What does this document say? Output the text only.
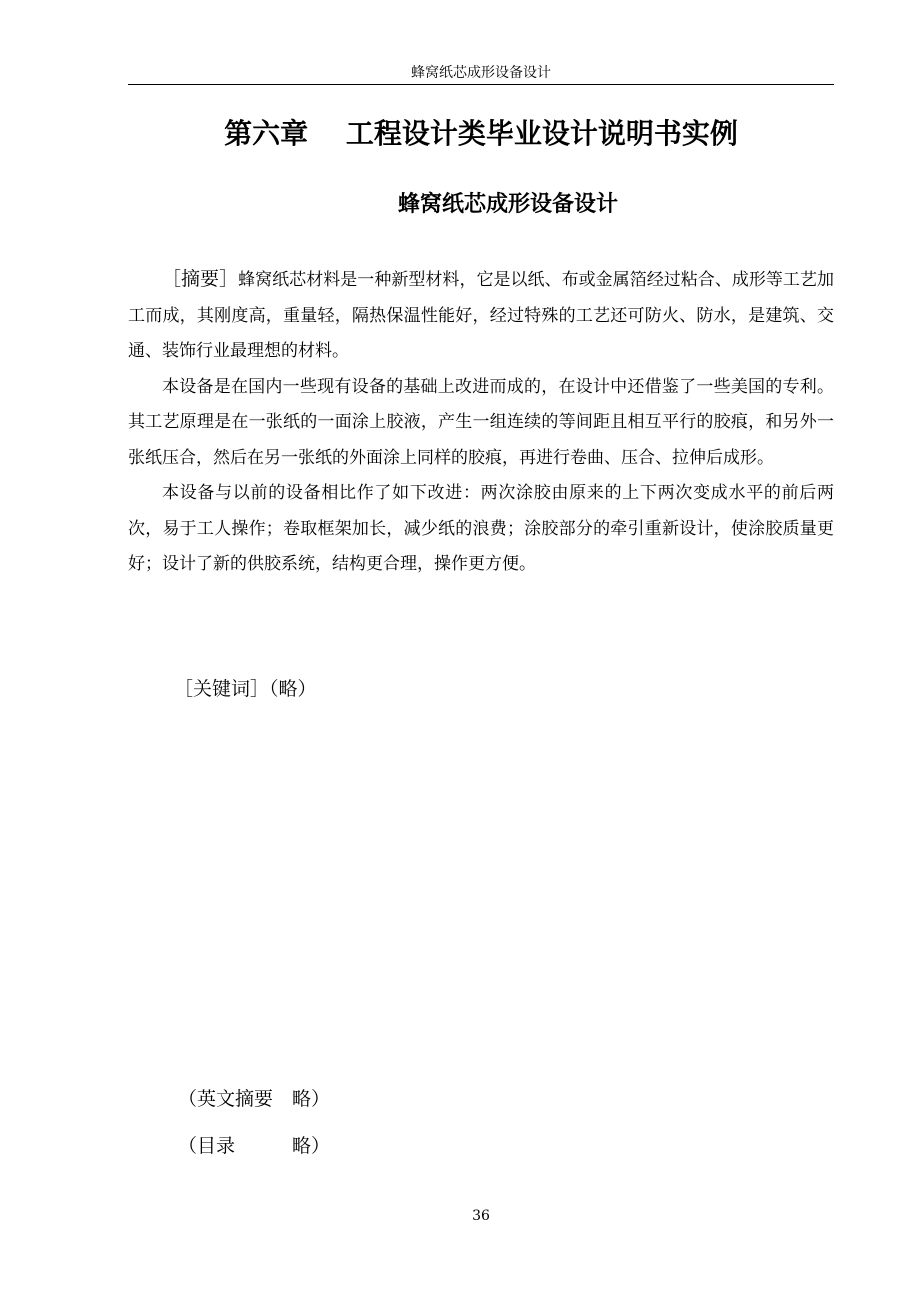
蜂窝纸芯成形设备设计
第六章　 工程设计类毕业设计说明书实例
蜂窝纸芯成形设备设计

［摘要］蜂窝纸芯材料是一种新型材料，它是以纸、布或金属箔经过粘合、成形等工艺加工而成，其刚度高，重量轻，隔热保温性能好，经过特殊的工艺还可防火、防水，是建筑、交通、装饰行业最理想的材料。

本设备是在国内一些现有设备的基础上改进而成的，在设计中还借鉴了一些美国的专利。其工艺原理是在一张纸的一面涂上胶液，产生一组连续的等间距且相互平行的胶痕，和另外一张纸压合，然后在另一张纸的外面涂上同样的胶痕，再进行卷曲、压合、拉伸后成形。

本设备与以前的设备相比作了如下改进：两次涂胶由原来的上下两次变成水平的前后两次，易于工人操作；卷取框架加长，减少纸的浪费；涂胶部分的牵引重新设计，使涂胶质量更好；设计了新的供胶系统，结构更合理，操作更方便。

［关键词］（略）
（英文摘要　略）
（目录　　　略）
36
